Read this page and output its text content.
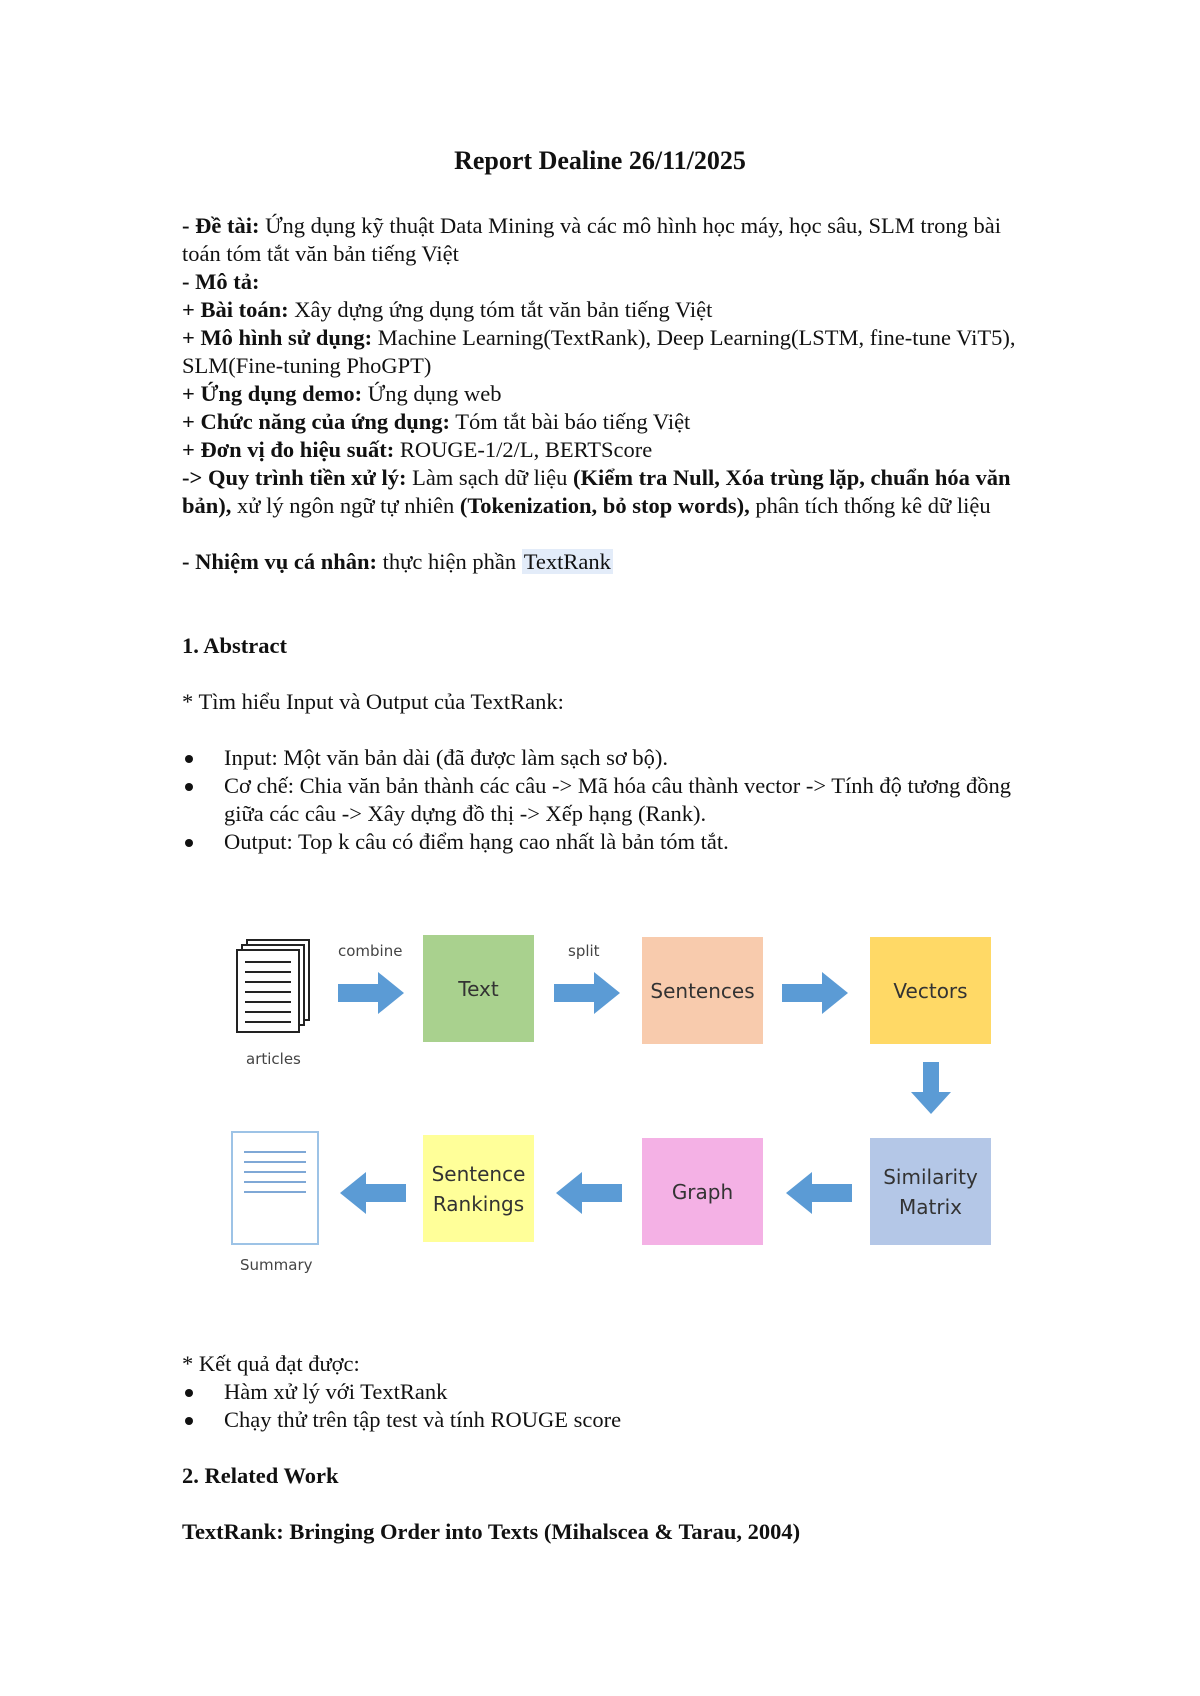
Report Dealine 26/11/2025

- Đề tài: Ứng dụng kỹ thuật Data Mining và các mô hình học máy, học sâu, SLM trong bài toán tóm tắt văn bản tiếng Việt

- Mô tả:

+ Bài toán: Xây dựng ứng dụng tóm tắt văn bản tiếng Việt

+ Mô hình sử dụng: Machine Learning(TextRank), Deep Learning(LSTM, fine-tune ViT5), SLM(Fine-tuning PhoGPT)

+ Ứng dụng demo: Ứng dụng web

+ Chức năng của ứng dụng: Tóm tắt bài báo tiếng Việt

+ Đơn vị đo hiệu suất: ROUGE-1/2/L, BERTScore

-> Quy trình tiền xử lý: Làm sạch dữ liệu (Kiểm tra Null, Xóa trùng lặp, chuẩn hóa văn bản), xử lý ngôn ngữ tự nhiên (Tokenization, bỏ stop words), phân tích thống kê dữ liệu

- Nhiệm vụ cá nhân: thực hiện phần TextRank

1. Abstract

* Tìm hiểu Input và Output của TextRank:

Input: Một văn bản dài (đã được làm sạch sơ bộ).
Cơ chế: Chia văn bản thành các câu -> Mã hóa câu thành vector -> Tính độ tương đồng giữa các câu -> Xây dựng đồ thị -> Xếp hạng (Rank).
Output: Top k câu có điểm hạng cao nhất là bản tóm tắt.
articles
combine
Text
split
Sentences	Vectors
Similarity
Matrix
Graph
Sentence
Rankings
Summary

* Kết quả đạt được:

Hàm xử lý với TextRank
Chạy thử trên tập test và tính ROUGE score

2. Related Work

TextRank: Bringing Order into Texts (Mihalscea & Tarau, 2004)
